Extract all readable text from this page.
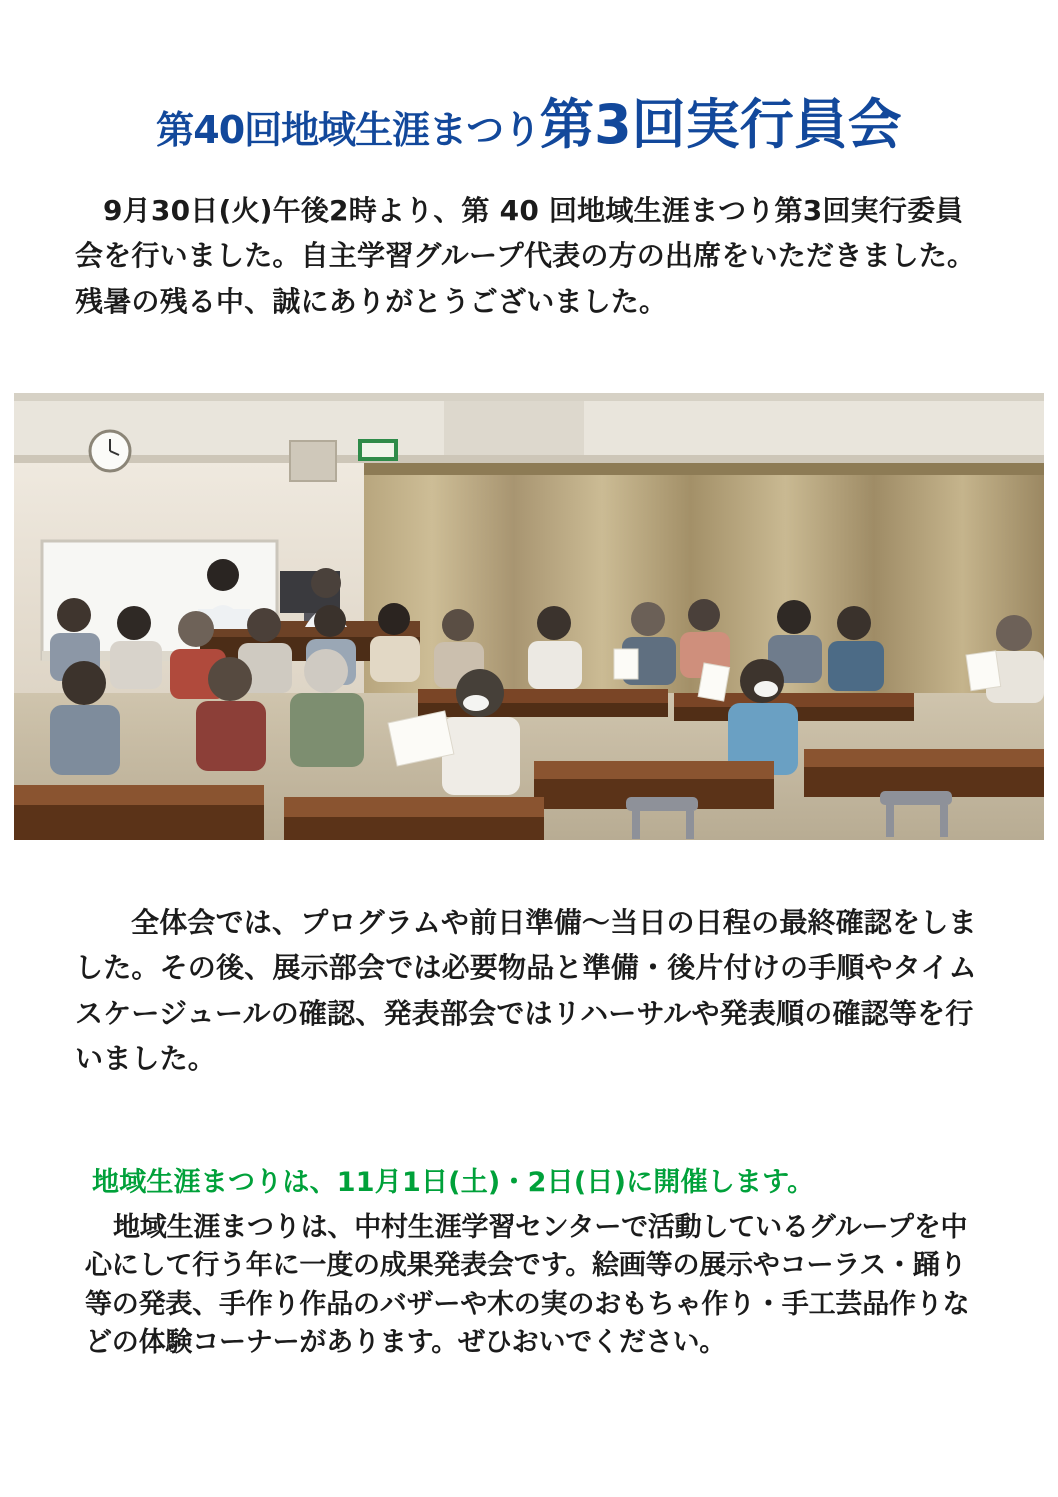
第40回地域生涯まつり第3回実行員会

9月30日(火)午後2時より、第 40 回地域生涯まつり第3回実行委員会を行いました。自主学習グループ代表の方の出席をいただきました。残暑の残る中、誠にありがとうございました。

全体会では、プログラムや前日準備〜当日の日程の最終確認をしました。その後、展示部会では必要物品と準備・後片付けの手順やタイムスケージュールの確認、発表部会ではリハーサルや発表順の確認等を行いました。

地域生涯まつりは、11月1日(土)・2日(日)に開催します。

地域生涯まつりは、中村生涯学習センターで活動しているグループを中心にして行う年に一度の成果発表会です。絵画等の展示やコーラス・踊り等の発表、手作り作品のバザーや木の実のおもちゃ作り・手工芸品作りなどの体験コーナーがあります。ぜひおいでください。
